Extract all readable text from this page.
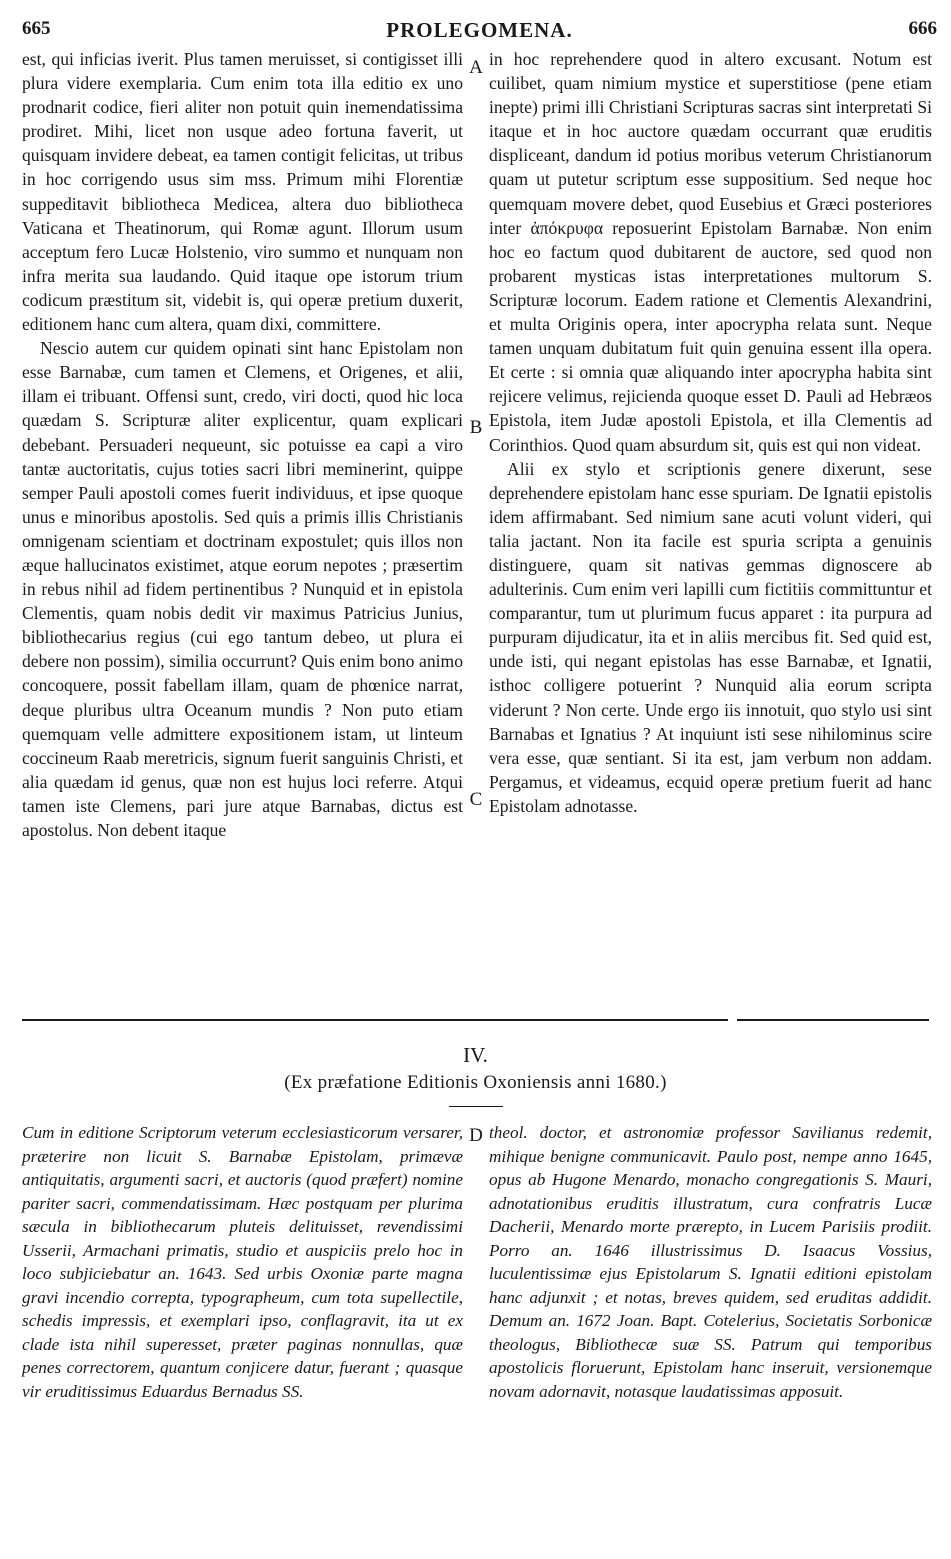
665	PROLEGOMENA.	666

est, qui inficias iverit. Plus tamen meruisset, si contigisset illi plura videre exemplaria. Cum enim tota illa editio ex uno prodnarit codice, fieri aliter non potuit quin inemendatissima prodiret. Mihi, licet non usque adeo fortuna faverit, ut quisquam invidere debeat, ea tamen contigit felicitas, ut tribus in hoc corrigendo usus sim mss. Primum mihi Florentiæ suppeditavit bibliotheca Medicea, altera duo bibliotheca Vaticana et Theatinorum, qui Romæ agunt. Illorum usum acceptum fero Lucæ Holstenio, viro summo et nunquam non infra merita sua laudando. Quid itaque ope istorum trium codicum præstitum sit, videbit is, qui operæ pretium duxerit, editionem hanc cum altera, quam dixi, committere.

Nescio autem cur quidem opinati sint hanc Epistolam non esse Barnabæ, cum tamen et Clemens, et Origenes, et alii, illam ei tribuant. Offensi sunt, credo, viri docti, quod hic loca quædam S. Scripturæ aliter explicentur, quam explicari debebant. Persuaderi nequeunt, sic potuisse ea capi a viro tantæ auctoritatis, cujus toties sacri libri meminerint, quippe semper Pauli apostoli comes fuerit individuus, et ipse quoque unus e minoribus apostolis. Sed quis a primis illis Christianis omnigenam scientiam et doctrinam expostulet; quis illos non æque hallucinatos existimet, atque eorum nepotes ; præsertim in rebus nihil ad fidem pertinentibus ? Nunquid et in epistola Clementis, quam nobis dedit vir maximus Patricius Junius, bibliothecarius regius (cui ego tantum debeo, ut plura ei debere non possim), similia occurrunt? Quis enim bono animo concoquere, possit fabellam illam, quam de phœnice narrat, deque pluribus ultra Oceanum mundis ? Non puto etiam quemquam velle admittere expositionem istam, ut linteum coccineum Raab meretricis, signum fuerit sanguinis Christi, et alia quædam id genus, quæ non est hujus loci referre. Atqui tamen iste Clemens, pari jure atque Barnabas, dictus est apostolus. Non debent itaque

in hoc reprehendere quod in altero excusant. Notum est cuilibet, quam nimium mystice et superstitiose (pene etiam inepte) primi illi Christiani Scripturas sacras sint interpretati Si itaque et in hoc auctore quædam occurrant quæ eruditis displiceant, dandum id potius moribus veterum Christianorum quam ut putetur scriptum esse suppositium. Sed neque hoc quemquam movere debet, quod Eusebius et Græci posteriores inter ἀπόκρυφα reposuerint Epistolam Barnabæ. Non enim hoc eo factum quod dubitarent de auctore, sed quod non probarent mysticas istas interpretationes multorum S. Scripturæ locorum. Eadem ratione et Clementis Alexandrini, et multa Originis opera, inter apocrypha relata sunt. Neque tamen unquam dubitatum fuit quin genuina essent illa opera. Et certe : si omnia quæ aliquando inter apocrypha habita sint rejicere velimus, rejicienda quoque esset D. Pauli ad Hebræos Epistola, item Judæ apostoli Epistola, et illa Clementis ad Corinthios. Quod quam absurdum sit, quis est qui non videat.

Alii ex stylo et scriptionis genere dixerunt, sese deprehendere epistolam hanc esse spuriam. De Ignatii epistolis idem affirmabant. Sed nimium sane acuti volunt videri, qui talia jactant. Non ita facile est spuria scripta a genuinis distinguere, quam sit nativas gemmas dignoscere ab adulterinis. Cum enim veri lapilli cum fictitiis committuntur et comparantur, tum ut plurimum fucus apparet : ita purpura ad purpuram dijudicatur, ita et in aliis mercibus fit. Sed quid est, unde isti, qui negant epistolas has esse Barnabæ, et Ignatii, isthoc colligere potuerint ? Nunquid alia eorum scripta viderunt ? Non certe. Unde ergo iis innotuit, quo stylo usi sint Barnabas et Ignatius ? At inquiunt isti sese nihilominus scire vera esse, quæ sentiant. Si ita est, jam verbum non addam. Pergamus, et videamus, ecquid operæ pretium fuerit ad hanc Epistolam adnotasse.

A
B
C
D
IV.
(Ex præfatione Editionis Oxoniensis anni 1680.)

Cum in editione Scriptorum veterum ecclesiasticorum versarer, præterire non licuit S. Barnabæ Epistolam, primævæ antiquitatis, argumenti sacri, et auctoris (quod præfert) nomine pariter sacri, commendatissimam. Hæc postquam per plurima sæcula in bibliothecarum pluteis delituisset, revendissimi Usserii, Armachani primatis, studio et auspiciis prelo hoc in loco subjiciebatur an. 1643. Sed urbis Oxoniæ parte magna gravi incendio correpta, typographeum, cum tota supellectile, schedis impressis, et exemplari ipso, conflagravit, ita ut ex clade ista nihil superesset, præter paginas nonnullas, quæ penes correctorem, quantum conjicere datur, fuerant ; quasque vir eruditissimus Eduardus Bernadus SS.

theol. doctor, et astronomiæ professor Savilianus redemit, mihique benigne communicavit. Paulo post, nempe anno 1645, opus ab Hugone Menardo, monacho congregationis S. Mauri, adnotationibus eruditis illustratum, cura confratris Lucæ Dacherii, Menardo morte prærepto, in Lucem Parisiis prodiit. Porro an. 1646 illustrissimus D. Isaacus Vossius, luculentissimæ ejus Epistolarum S. Ignatii editioni epistolam hanc adjunxit ; et notas, breves quidem, sed eruditas addidit. Demum an. 1672 Joan. Bapt. Cotelerius, Societatis Sorbonicæ theologus, Bibliothecæ suæ SS. Patrum qui temporibus apostolicis floruerunt, Epistolam hanc inseruit, versionemque novam adornavit, notasque laudatissimas apposuit.
